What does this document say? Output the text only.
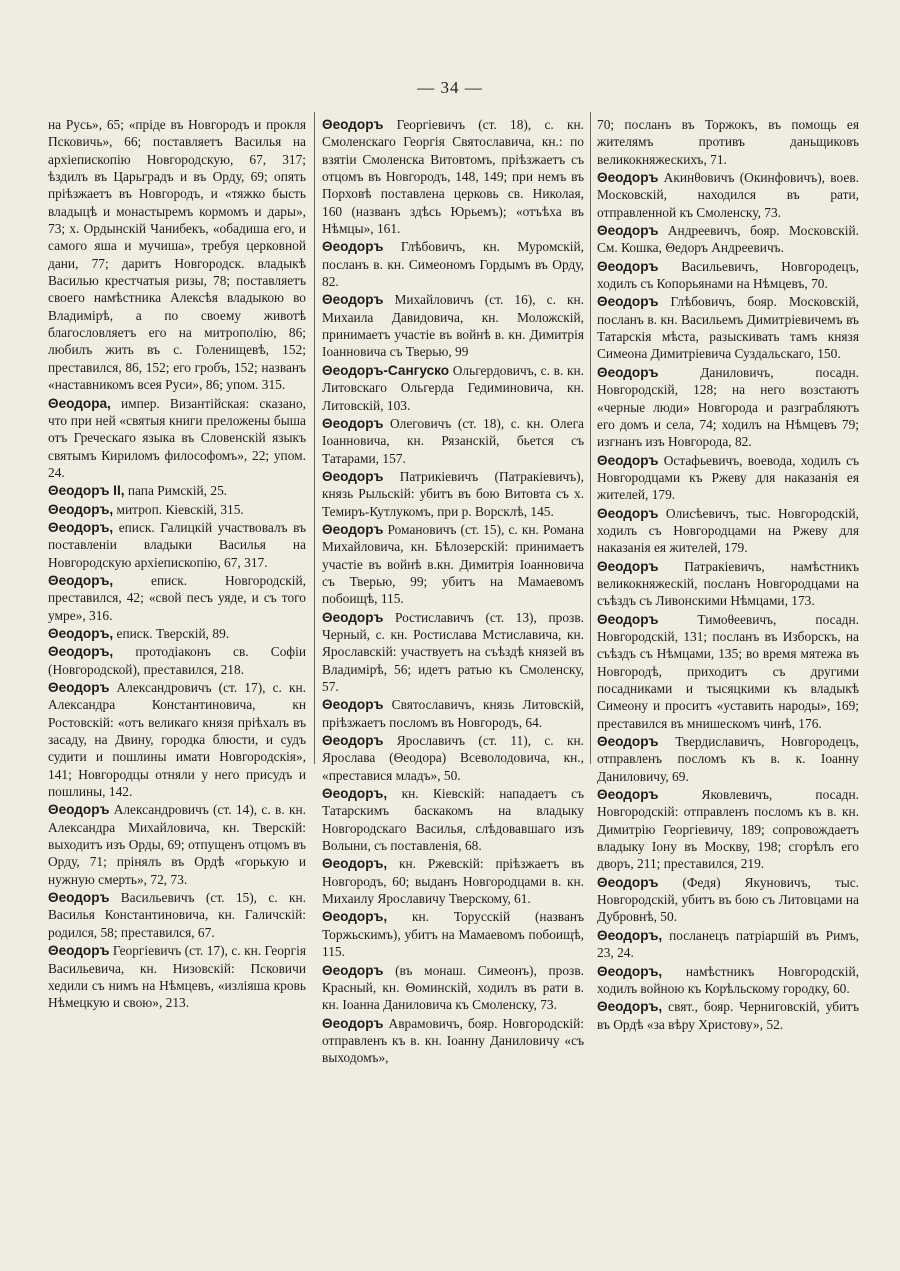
— 34 —
на Русь», 65; «прiде въ Новгородъ и прокля Псковичь», 66; поставляетъ Василья на архiепископiю Новгородскую, 67, 317; ѣздилъ въ Царьградъ и въ Орду, 69; опять прiѣзжаетъ въ Новгородъ, и «тяжко бысть владыцѣ и монастыремъ кормомъ и дары», 73; х. Ордынскiй Чанибекъ, «обадиша его, и самого яша и мучиша», требуя церковной дани, 77; даритъ Новгородск. владыкѣ Василью крестчатыя ризы, 78; поставляетъ своего намѣстника Алексѣя владыкою во Владимiрѣ, а по своему животѣ благословляетъ его на митрополiю, 86; любилъ жить въ с. Голенищевѣ, 152; преставился, 86, 152; его гробъ, 152; названъ «наставникомъ всея Руси», 86; упом. 315.
Θеодора, импер. Византiйская: сказано, что при ней «святыя книги преложены быша отъ Греческаго языка въ Словенскiй языкъ святымъ Кириломъ философомъ», 22; упом. 24.
Θеодоръ II, папа Римскiй, 25.
Θеодоръ, митроп. Кiевскiй, 315.
Θеодоръ, еписк. Галицкiй участвовалъ въ поставленiи владыки Василья на Новгородскую архiепископiю, 67, 317.
Θеодоръ, еписк. Новгородскiй, преставился, 42; «свой песъ уяде, и съ того умре», 316.
Θеодоръ, еписк. Тверскiй, 89.
Θеодоръ, протодiаконъ св. Софiи (Новгородской), преставился, 218.
Θеодоръ Александровичъ (ст. 17), с. кн. Александра Константиновича, кн Ростовскiй: «отъ великаго князя прiѣхалъ въ засаду, на Двину, городка блюсти, и судъ судити и пошлины имати Новгородскiя», 141; Новгородцы отняли у него присудъ и пошлины, 142.
Θеодоръ Александровичъ (ст. 14), с. в. кн. Александра Михайловича, кн. Тверскiй: выходитъ изъ Орды, 69; отпущенъ отцомъ въ Орду, 71; прiнялъ въ Ордѣ «горькую и нужную смерть», 72, 73.
Θеодоръ Васильевичъ (ст. 15), с. кн. Василья Константиновича, кн. Галичскiй: родился, 58; преставился, 67.
Θеодоръ Георгiевичъ (ст. 17), с. кн. Георгiя Васильевича, кн. Низовскiй: Псковичи хедили съ нимъ на Нѣмцевъ, «излiяша кровь Нѣмецкую и свою», 213.
Θеодоръ Георгiевичъ (ст. 18), с. кн. Смоленскаго Георгiя Святославича, кн.: по взятiи Смоленска Витовтомъ, прiѣзжаетъ съ отцомъ въ Новгородъ, 148, 149; при немъ въ Порховѣ поставлена церковь св. Николая, 160 (названъ здѣсь Юрьемъ); «отъѣха въ Нѣмцы», 161.
Θеодоръ Глѣбовичъ, кн. Муромскiй, посланъ в. кн. Симеономъ Гордымъ въ Орду, 82.
Θеодоръ Михайловичъ (ст. 16), с. кн. Михаила Давидовича, кн. Моложскiй, принимаетъ участiе въ войнѣ в. кн. Димитрiя Iоанновича съ Тверью, 99
Θеодоръ-Сангуско Ольгердовичъ, с. в. кн. Литовскаго Ольгерда Гедиминовича, кн. Литовскiй, 103.
Θеодоръ Олеговичъ (ст. 18), с. кн. Олега Iоанновича, кн. Рязанскiй, бьется съ Татарами, 157.
Θеодоръ Патрикiевичъ (Патракiевичъ), князь Рыльскiй: убитъ въ бою Витовта съ х. Темиръ-Кутлукомъ, при р. Ворсклѣ, 145.
Θеодоръ Романовичъ (ст. 15), с. кн. Романа Михайловича, кн. Бѣлозерскiй: принимаетъ участiе въ войнѣ в.кн. Димитрiя Iоанновича съ Тверью, 99; убитъ на Мамаевомъ побоищѣ, 115.
Θеодоръ Ростиславичъ (ст. 13), прозв. Черный, с. кн. Ростислава Мстиславича, кн. Ярославскiй: участвуетъ на съѣздѣ князей въ Владимiрѣ, 56; идетъ ратью къ Смоленску, 57.
Θеодоръ Святославичъ, князь Литовскiй, прiѣзжаетъ посломъ въ Новгородъ, 64.
Θеодоръ Ярославичъ (ст. 11), с. кн. Ярослава (Θеодора) Всеволодовича, кн., «преставися младъ», 50.
Θеодоръ, кн. Кiевскiй: нападаетъ съ Татарскимъ баскакомъ на владыку Новгородскаго Василья, слѣдовавшаго изъ Волыни, съ поставленiя, 68.
Θеодоръ, кн. Ржевскiй: прiѣзжаетъ въ Новгородъ, 60; выданъ Новгородцами в. кн. Михаилу Ярославичу Тверскому, 61.
Θеодоръ, кн. Торусскiй (названъ Торжьскимъ), убитъ на Мамаевомъ побоищѣ, 115.
Θеодоръ (въ монаш. Симеонъ), прозв. Красный, кн. Θоминскiй, ходилъ въ рати в. кн. Iоанна Даниловича къ Смоленску, 73.
Θеодоръ Аврамовичъ, бояр. Новгородскiй: отправленъ къ в. кн. Iоанну Даниловичу «съ выходомъ»,
70; посланъ въ Торжокъ, въ помощь ея жителямъ противъ даньщиковъ великокняжескихъ, 71.
Θеодоръ Акинθовичъ (Окинфовичъ), воев. Московскiй, находился въ рати, отправленной къ Смоленску, 73.
Θеодоръ Андреевичъ, бояр. Московскiй. См. Кошка, Θедоръ Андреевичъ.
Θеодоръ Васильевичъ, Новгородецъ, ходилъ съ Копорьянами на Нѣмцевъ, 70.
Θеодоръ Глѣбовичъ, бояр. Московскiй, посланъ в. кн. Васильемъ Димитрiевичемъ въ Татарскiя мѣста, разыскивать тамъ князя Симеона Димитрiевича Суздальскаго, 150.
Θеодоръ Даниловичъ, посадн. Новгородскiй, 128; на него возстаютъ «черные люди» Новгорода и разграбляютъ его домъ и села, 74; ходилъ на Нѣмцевъ 79; изгнанъ изъ Новгорода, 82.
Θеодоръ Остафьевичъ, воевода, ходилъ съ Новгородцами къ Ржеву для наказанiя ея жителей, 179.
Θеодоръ Олисѣевичъ, тыс. Новгородскiй, ходилъ съ Новгородцами на Ржеву для наказанiя ея жителей, 179.
Θеодоръ Патракiевичъ, намѣстникъ великокняжескiй, посланъ Новгородцами на съѣздъ съ Ливонскими Нѣмцами, 173.
Θеодоръ Тимоθеевичъ, посадн. Новгородскiй, 131; посланъ въ Изборскъ, на съѣздъ съ Нѣмцами, 135; во время мятежа въ Новгородѣ, приходитъ съ другими посадниками и тысяцкими къ владыкѣ Симеону и проситъ «уставить народы», 169; преставился въ мнишескомъ чинѣ, 176.
Θеодоръ Твердиславичъ, Новгородецъ, отправленъ посломъ къ в. к. Iоанну Даниловичу, 69.
Θеодоръ Яковлевичъ, посадн. Новгородскiй: отправленъ посломъ къ в. кн. Димитрiю Георгiевичу, 189; сопровождаетъ владыку Iону въ Москву, 198; сгорѣлъ его дворъ, 211; преставился, 219.
Θеодоръ (Федя) Якуновичъ, тыс. Новгородскiй, убитъ въ бою съ Литовцами на Дубровнѣ, 50.
Θеодоръ, посланецъ патрiаршiй въ Римъ, 23, 24.
Θеодоръ, намѣстникъ Новгородскiй, ходилъ войною къ Корѣльскому городку, 60.
Θеодоръ, свят., бояр. Черниговскiй, убитъ въ Ордѣ «за вѣру Христову», 52.
